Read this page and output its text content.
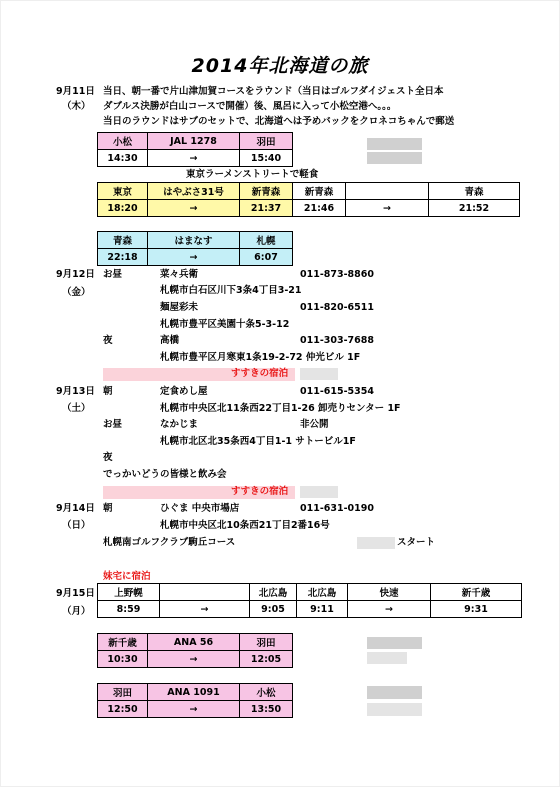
2014年北海道の旅
9月11日
（木）
当日、朝一番で片山津加賀コースをラウンド（当日はゴルフダイジェスト全日本
ダブルス決勝が白山コースで開催）後、風呂に入って小松空港へ。。。
当日のラウンドはサブのセットで、北海道へは予めバックをクロネコちゃんで郵送
小松	JAL 1278	羽田
14:30	→	15:40
東京ラーメンストリートで軽食
東京	はやぶさ31号	新青森	新青森		青森
18:20	→	21:37	21:46	→	21:52
青森	はまなす	札幌
22:18	→	6:07
9月12日
（金）
お昼	菜々兵衛	011-873-8860
札幌市白石区川下3条4丁目3-21
麺屋彩未	011-820-6511
札幌市豊平区美園十条5-3-12
夜	高橋	011-303-7688
札幌市豊平区月寒東1条19-2-72 仲光ビル 1F
すすきの宿泊
9月13日
（土）
朝	定食めし屋	011-615-5354
札幌市中央区北11条西22丁目1-26 卸売りセンター 1F
お昼	なかじま	非公開
札幌市北区北35条西4丁目1-1 サトービル1F
夜
でっかいどうの皆様と飲み会
すすきの宿泊
9月14日
（日）
朝	ひぐま 中央市場店	011-631-0190
札幌市中央区北10条西21丁目2番16号
札幌南ゴルフクラブ駒丘コース	スタート
妹宅に宿泊
9月15日
（月）
上野幌		北広島	北広島	快速	新千歳
8:59	→	9:05	9:11	→	9:31
新千歳	ANA 56	羽田
10:30	→	12:05
羽田	ANA 1091	小松
12:50	→	13:50
